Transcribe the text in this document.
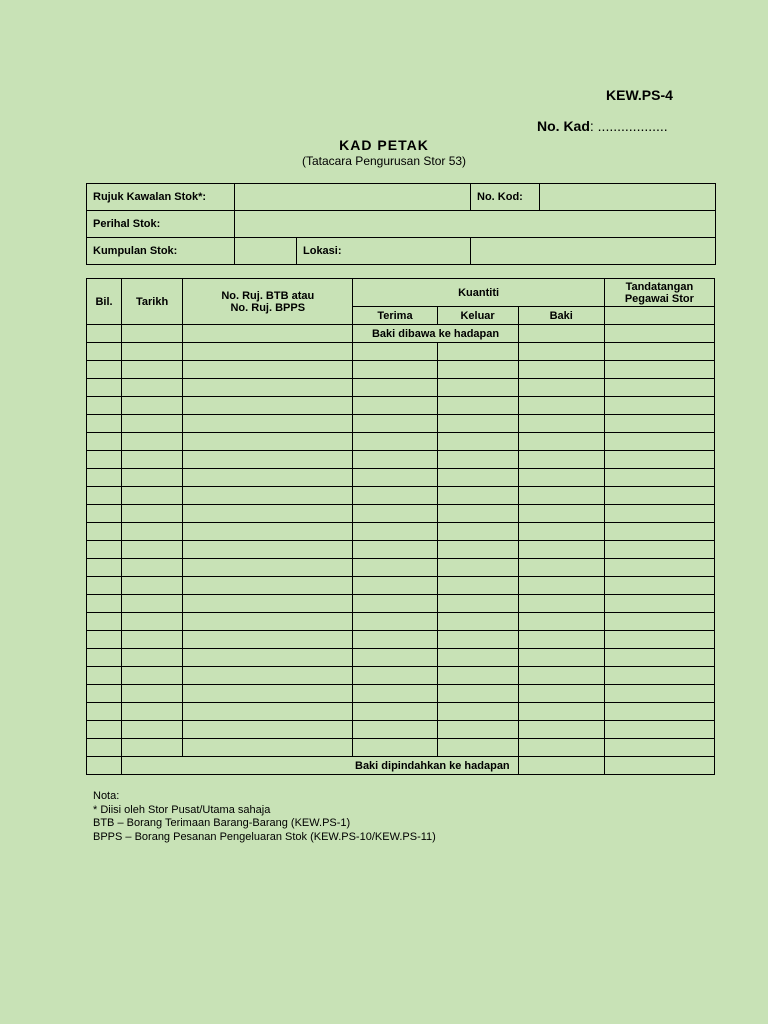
KEW.PS-4
No. Kad: ..................
KAD PETAK
(Tatacara Pengurusan Stor 53)
Rujuk Kawalan Stok*:			No. Kod:	
Perihal Stok:				
Kumpulan Stok:		Lokasi:		
Bil.	Tarikh	No. Ruj. BTB atau
No. Ruj. BPPS	Kuantiti			Tandatangan
Pegawai Stor
			Terima	Keluar	Baki	
			Baki dibawa ke hadapan			

	Baki dipindahkan ke hadapan					
Nota:
* Diisi oleh Stor Pusat/Utama sahaja
BTB – Borang Terimaan Barang-Barang (KEW.PS-1)
BPPS – Borang Pesanan Pengeluaran Stok (KEW.PS-10/KEW.PS-11)
